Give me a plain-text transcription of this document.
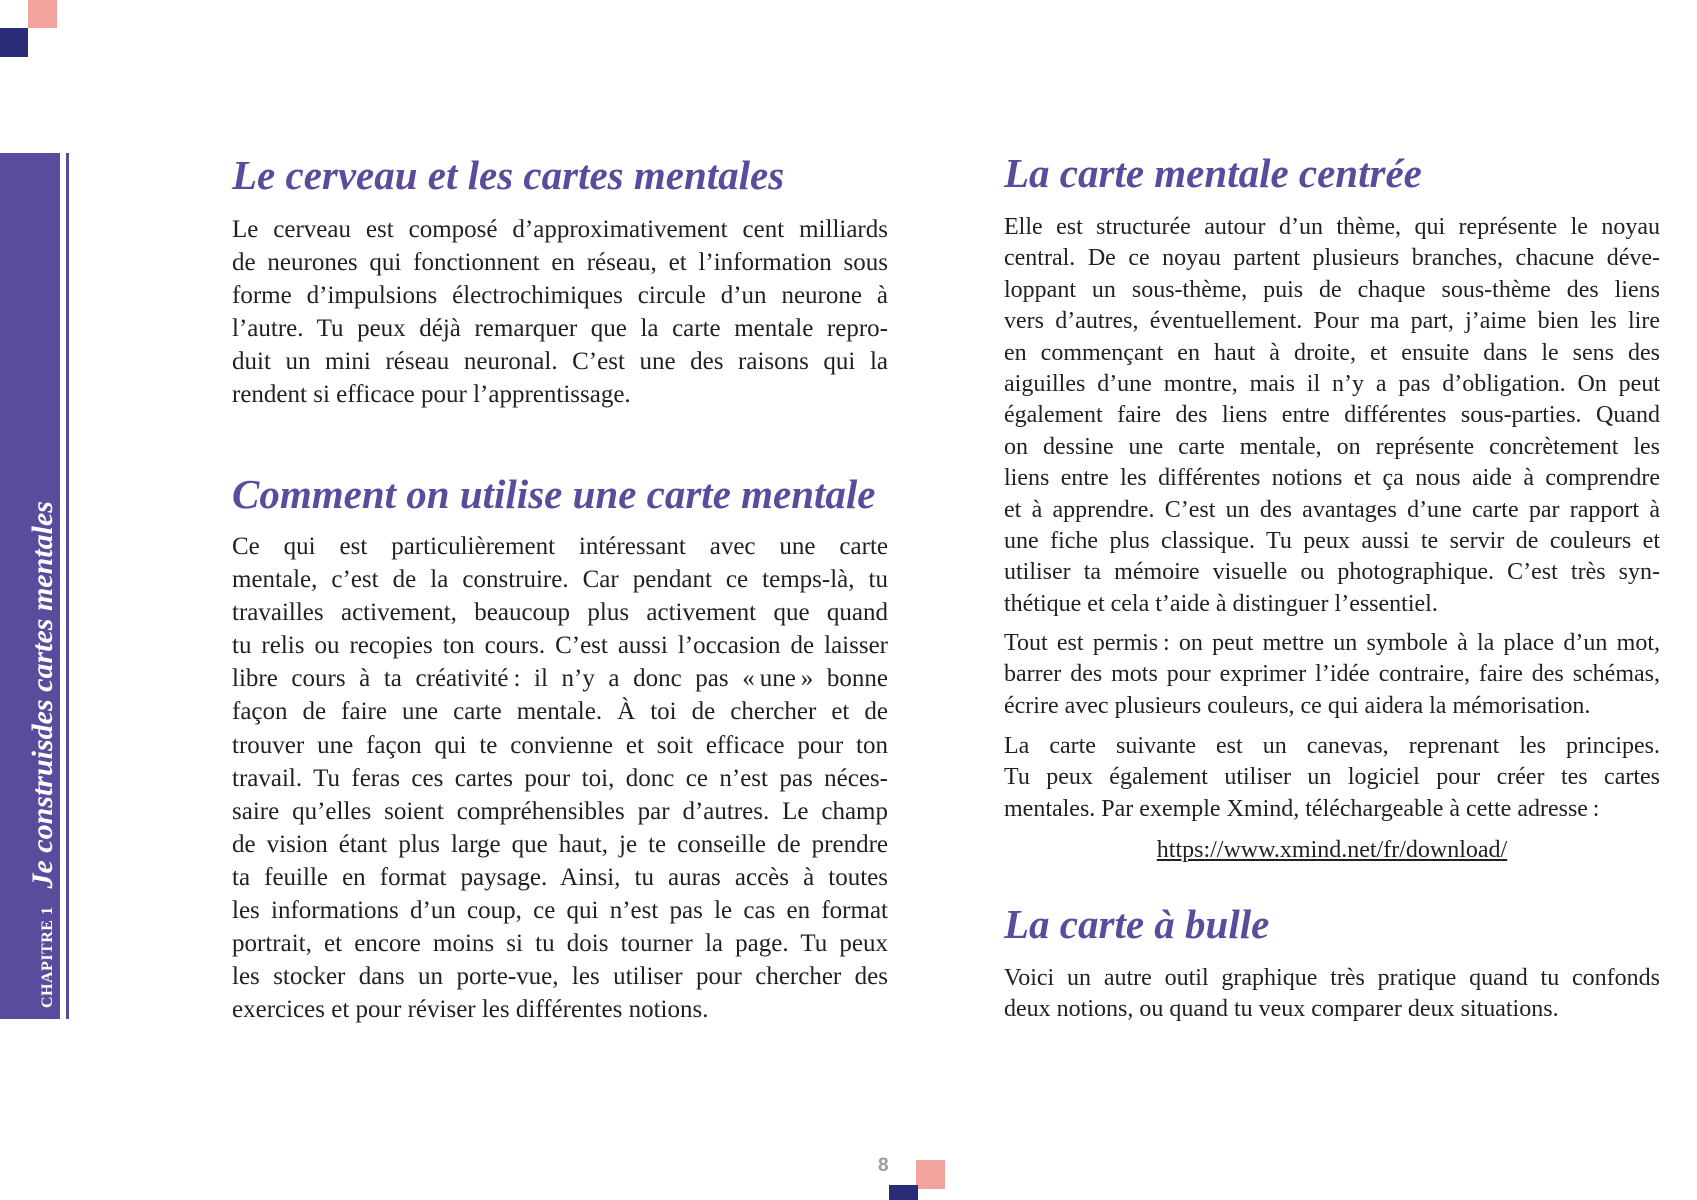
CHAPITRE 1 Je construisdes cartes mentales
Le cerveau et les cartes mentales
Le cerveau est composé d’approximativement cent milliards
de neurones qui fonctionnent en réseau, et l’information sous
forme d’impulsions électrochimiques circule d’un neurone à
l’autre. Tu peux déjà remarquer que la carte mentale repro-
duit un mini réseau neuronal. C’est une des raisons qui la
rendent si efficace pour l’apprentissage.
Comment on utilise une carte mentale
Ce qui est particulièrement intéressant avec une carte
mentale, c’est de la construire. Car pendant ce temps-là, tu
travailles activement, beaucoup plus activement que quand
tu relis ou recopies ton cours. C’est aussi l’occasion de laisser
libre cours à ta créativité : il n’y a donc pas « une » bonne
façon de faire une carte mentale. À toi de chercher et de
trouver une façon qui te convienne et soit efficace pour ton
travail. Tu feras ces cartes pour toi, donc ce n’est pas néces-
saire qu’elles soient compréhensibles par d’autres. Le champ
de vision étant plus large que haut, je te conseille de prendre
ta feuille en format paysage. Ainsi, tu auras accès à toutes
les informations d’un coup, ce qui n’est pas le cas en format
portrait, et encore moins si tu dois tourner la page. Tu peux
les stocker dans un porte-vue, les utiliser pour chercher des
exercices et pour réviser les différentes notions.
La carte mentale centrée
Elle est structurée autour d’un thème, qui représente le noyau
central. De ce noyau partent plusieurs branches, chacune déve-
loppant un sous-thème, puis de chaque sous-thème des liens
vers d’autres, éventuellement. Pour ma part, j’aime bien les lire
en commençant en haut à droite, et ensuite dans le sens des
aiguilles d’une montre, mais il n’y a pas d’obligation. On peut
également faire des liens entre différentes sous-parties. Quand
on dessine une carte mentale, on représente concrètement les
liens entre les différentes notions et ça nous aide à comprendre
et à apprendre. C’est un des avantages d’une carte par rapport à
une fiche plus classique. Tu peux aussi te servir de couleurs et
utiliser ta mémoire visuelle ou photographique. C’est très syn-
thétique et cela t’aide à distinguer l’essentiel.
Tout est permis : on peut mettre un symbole à la place d’un mot,
barrer des mots pour exprimer l’idée contraire, faire des schémas,
écrire avec plusieurs couleurs, ce qui aidera la mémorisation.
La carte suivante est un canevas, reprenant les principes.
Tu peux également utiliser un logiciel pour créer tes cartes
mentales. Par exemple Xmind, téléchargeable à cette adresse :
https://www.xmind.net/fr/download/
La carte à bulle
Voici un autre outil graphique très pratique quand tu confonds
deux notions, ou quand tu veux comparer deux situations.
8
